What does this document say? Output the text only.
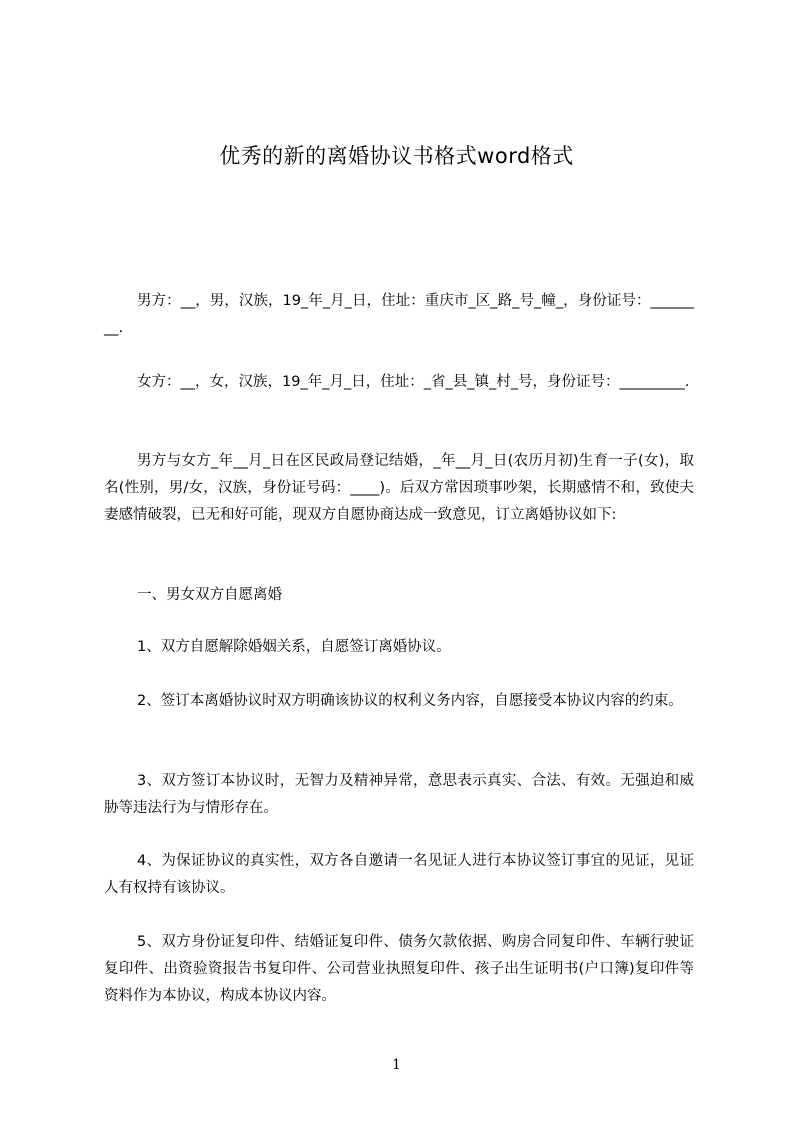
优秀的新的离婚协议书格式word格式

男方：__，男，汉族，19_年_月_日，住址：重庆市_区_路_号_幢_，身份证号：________.

女方：__，女，汉族，19_年_月_日，住址：_省_县_镇_村_号，身份证号：_________.

男方与女方_年__月_日在区民政局登记结婚，_年__月_日(农历月初)生育一子(女)，取名(性别，男/女，汉族，身份证号码：____)。后双方常因琐事吵架，长期感情不和，致使夫妻感情破裂，已无和好可能，现双方自愿协商达成一致意见，订立离婚协议如下:

一、男女双方自愿离婚

1、双方自愿解除婚姻关系，自愿签订离婚协议。

2、签订本离婚协议时双方明确该协议的权利义务内容，自愿接受本协议内容的约束。

3、双方签订本协议时，无智力及精神异常，意思表示真实、合法、有效。无强迫和威胁等违法行为与情形存在。

4、为保证协议的真实性，双方各自邀请一名见证人进行本协议签订事宜的见证，见证人有权持有该协议。

5、双方身份证复印件、结婚证复印件、债务欠款依据、购房合同复印件、车辆行驶证复印件、出资验资报告书复印件、公司营业执照复印件、孩子出生证明书(户口簿)复印件等资料作为本协议，构成本协议内容。

1
